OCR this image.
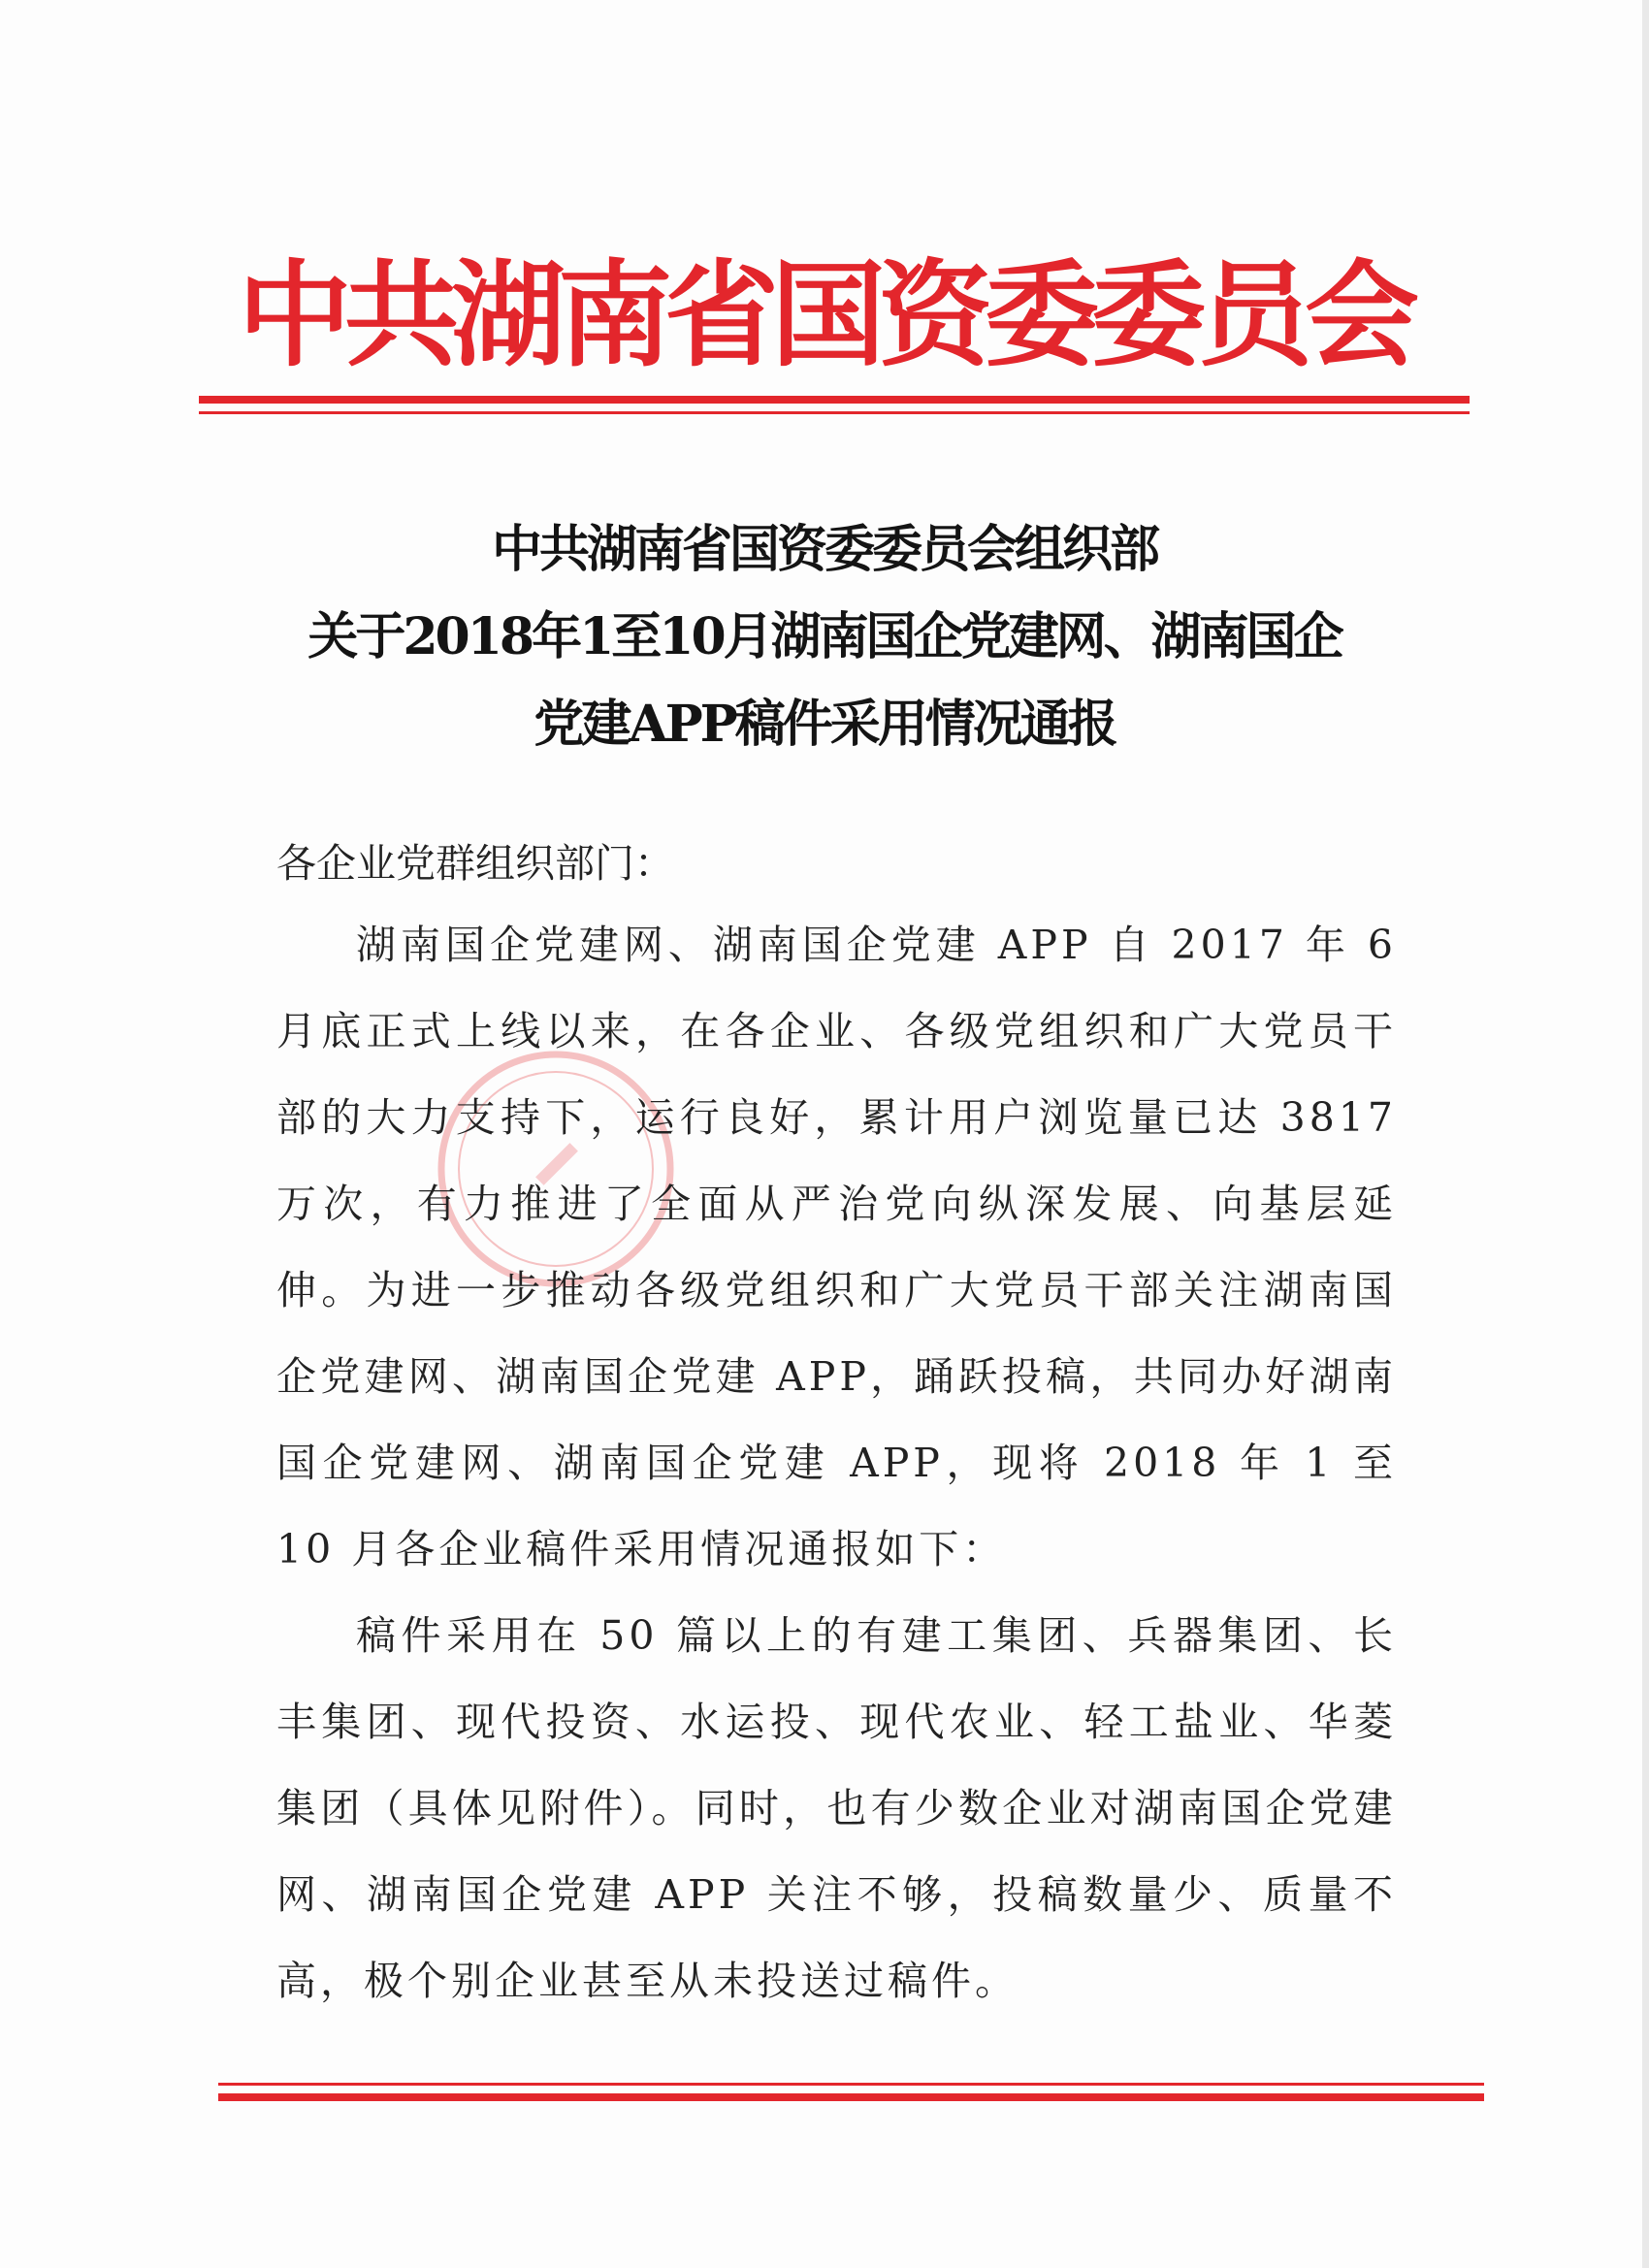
中共湖南省国资委委员会
中共湖南省国资委委员会组织部
关于2018年1至10月湖南国企党建网、湖南国企
党建APP稿件采用情况通报
各企业党群组织部门：

湖南国企党建网、湖南国企党建 APP 自 2017 年 6 月底正式上线以来，在各企业、各级党组织和广大党员干部的大力支持下，运行良好，累计用户浏览量已达 3817 万次，有力推进了全面从严治党向纵深发展、向基层延伸。为进一步推动各级党组织和广大党员干部关注湖南国企党建网、湖南国企党建 APP，踊跃投稿，共同办好湖南国企党建网、湖南国企党建 APP，现将 2018 年 1 至 10 月各企业稿件采用情况通报如下：

稿件采用在 50 篇以上的有建工集团、兵器集团、长丰集团、现代投资、水运投、现代农业、轻工盐业、华菱集团（具体见附件）。同时，也有少数企业对湖南国企党建网、湖南国企党建 APP 关注不够，投稿数量少、质量不高，极个别企业甚至从未投送过稿件。
